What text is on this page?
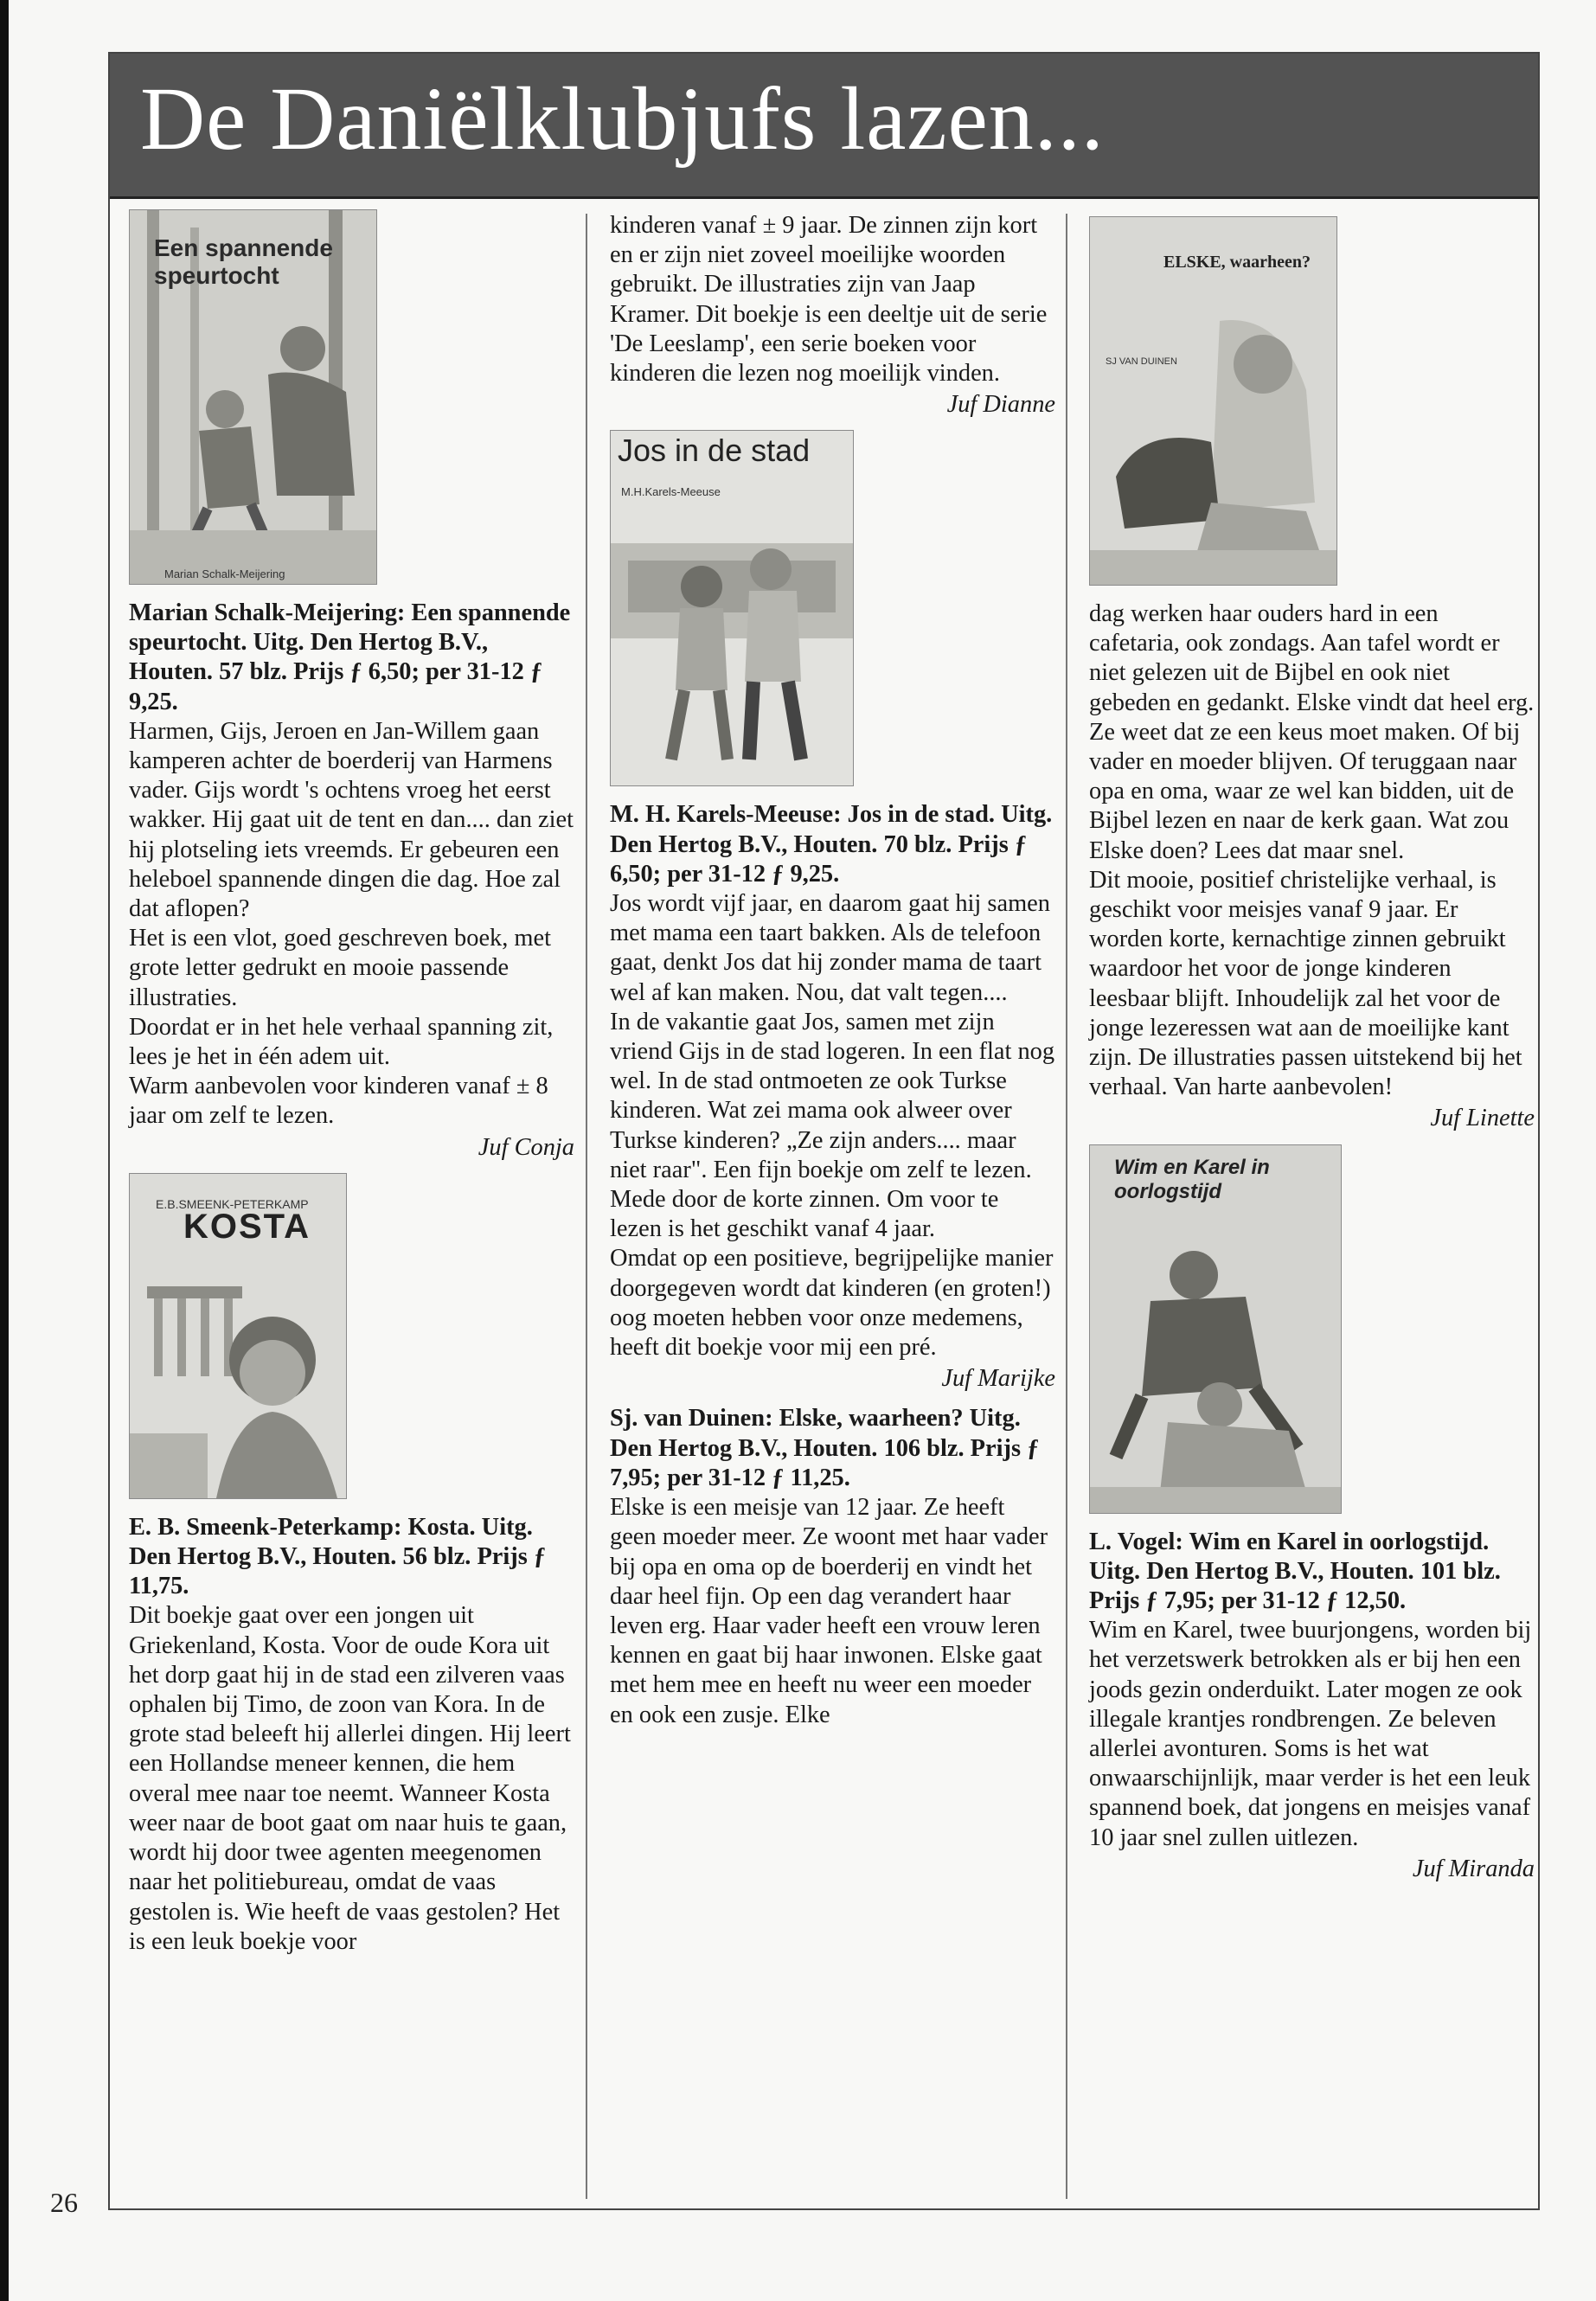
26
De Daniëlklubjufs lazen...
Een spannende speurtocht
Marian Schalk-Meijering

Marian Schalk-Meijering: Een spannende speurtocht. Uitg. Den Hertog B.V., Houten. 57 blz. Prijs ƒ 6,50; per 31-12 ƒ 9,25.

Harmen, Gijs, Jeroen en Jan-Willem gaan kamperen achter de boerderij van Harmens vader. Gijs wordt 's ochtens vroeg het eerst wakker. Hij gaat uit de tent en dan.... dan ziet hij plotseling iets vreemds. Er gebeuren een heleboel spannende dingen die dag. Hoe zal dat aflopen?

Het is een vlot, goed geschreven boek, met grote letter gedrukt en mooie passende illustraties.

Doordat er in het hele verhaal spanning zit, lees je het in één adem uit.

Warm aanbevolen voor kinderen vanaf ± 8 jaar om zelf te lezen.

Juf Conja

E.B.SMEENK-PETERKAMP
KOSTA

E. B. Smeenk-Peterkamp: Kosta. Uitg. Den Hertog B.V., Houten. 56 blz. Prijs ƒ 11,75.

Dit boekje gaat over een jongen uit Griekenland, Kosta. Voor de oude Kora uit het dorp gaat hij in de stad een zilveren vaas ophalen bij Timo, de zoon van Kora. In de grote stad beleeft hij allerlei dingen. Hij leert een Hollandse meneer kennen, die hem overal mee naar toe neemt. Wanneer Kosta weer naar de boot gaat om naar huis te gaan, wordt hij door twee agenten meegenomen naar het politiebureau, omdat de vaas gestolen is. Wie heeft de vaas gestolen? Het is een leuk boekje voor

kinderen vanaf ± 9 jaar. De zinnen zijn kort en er zijn niet zoveel moeilijke woorden gebruikt. De illustraties zijn van Jaap Kramer. Dit boekje is een deeltje uit de serie 'De Leeslamp', een serie boeken voor kinderen die lezen nog moeilijk vinden.

Juf Dianne

Jos in de stad
M.H.Karels-Meeuse

M. H. Karels-Meeuse: Jos in de stad. Uitg. Den Hertog B.V., Houten. 70 blz. Prijs ƒ 6,50; per 31-12 ƒ 9,25.

Jos wordt vijf jaar, en daarom gaat hij samen met mama een taart bakken. Als de telefoon gaat, denkt Jos dat hij zonder mama de taart wel af kan maken. Nou, dat valt tegen....

In de vakantie gaat Jos, samen met zijn vriend Gijs in de stad logeren. In een flat nog wel. In de stad ontmoeten ze ook Turkse kinderen. Wat zei mama ook alweer over Turkse kinderen? „Ze zijn anders.... maar niet raar". Een fijn boekje om zelf te lezen. Mede door de korte zinnen. Om voor te lezen is het geschikt vanaf 4 jaar.

Omdat op een positieve, begrijpelijke manier doorgegeven wordt dat kinderen (en groten!) oog moeten hebben voor onze medemens, heeft dit boekje voor mij een pré.

Juf Marijke

Sj. van Duinen: Elske, waarheen? Uitg. Den Hertog B.V., Houten. 106 blz. Prijs ƒ 7,95; per 31-12 ƒ 11,25.

Elske is een meisje van 12 jaar. Ze heeft geen moeder meer. Ze woont met haar vader bij opa en oma op de boerderij en vindt het daar heel fijn. Op een dag verandert haar leven erg. Haar vader heeft een vrouw leren kennen en gaat bij haar inwonen. Elske gaat met hem mee en heeft nu weer een moeder en ook een zusje. Elke

ELSKE, waarheen?
SJ VAN DUINEN

dag werken haar ouders hard in een cafetaria, ook zondags. Aan tafel wordt er niet gelezen uit de Bijbel en ook niet gebeden en gedankt. Elske vindt dat heel erg. Ze weet dat ze een keus moet maken. Of bij vader en moeder blijven. Of teruggaan naar opa en oma, waar ze wel kan bidden, uit de Bijbel lezen en naar de kerk gaan. Wat zou Elske doen? Lees dat maar snel.

Dit mooie, positief christelijke verhaal, is geschikt voor meisjes vanaf 9 jaar. Er worden korte, kernachtige zinnen gebruikt waardoor het voor de jonge kinderen leesbaar blijft. Inhoudelijk zal het voor de jonge lezeressen wat aan de moeilijke kant zijn. De illustraties passen uitstekend bij het verhaal. Van harte aanbevolen!

Juf Linette

Wim en Karel in oorlogstijd

L. Vogel: Wim en Karel in oorlogstijd. Uitg. Den Hertog B.V., Houten. 101 blz. Prijs ƒ 7,95; per 31-12 ƒ 12,50.

Wim en Karel, twee buurjongens, worden bij het verzetswerk betrokken als er bij hen een joods gezin onderduikt. Later mogen ze ook illegale krantjes rondbrengen. Ze beleven allerlei avonturen. Soms is het wat onwaarschijnlijk, maar verder is het een leuk spannend boek, dat jongens en meisjes vanaf 10 jaar snel zullen uitlezen.

Juf Miranda
